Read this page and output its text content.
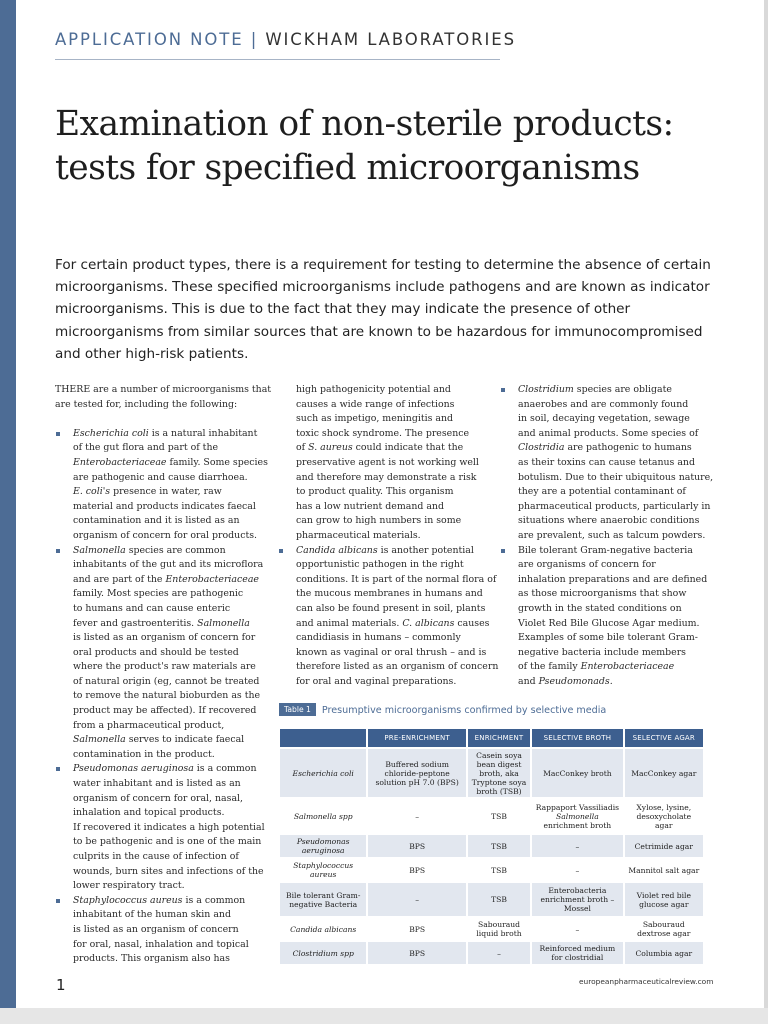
APPLICATION NOTE | WICKHAM LABORATORIES
Examination of non-sterile products: tests for specified microorganisms

For certain product types, there is a requirement for testing to determine the absence of certain microorganisms. These specified microorganisms include pathogens and are known as indicator microorganisms. This is due to the fact that they may indicate the presence of other microorganisms from similar sources that are known to be hazardous for immunocompromised and other high-risk patients.

THERE are a number of microorganisms that

are tested for, including the following:

Escherichia coli is a natural inhabitant
of the gut flora and part of the
Enterobacteriaceae family. Some species
are pathogenic and cause diarrhoea.
E. coli's presence in water, raw
material and products indicates faecal
contamination and it is listed as an
organism of concern for oral products.
Salmonella species are common
inhabitants of the gut and its microflora
and are part of the Enterobacteriaceae
family. Most species are pathogenic
to humans and can cause enteric
fever and gastroenteritis. Salmonella
is listed as an organism of concern for
oral products and should be tested
where the product's raw materials are
of natural origin (eg, cannot be treated
to remove the natural bioburden as the
product may be affected). If recovered
from a pharmaceutical product,
Salmonella serves to indicate faecal
contamination in the product.
Pseudomonas aeruginosa is a common
water inhabitant and is listed as an
organism of concern for oral, nasal,
inhalation and topical products.
If recovered it indicates a high potential
to be pathogenic and is one of the main
culprits in the cause of infection of
wounds, burn sites and infections of the
lower respiratory tract.
Staphylococcus aureus is a common
inhabitant of the human skin and
is listed as an organism of concern
for oral, nasal, inhalation and topical
products. This organism also has
high pathogenicity potential and
causes a wide range of infections
such as impetigo, meningitis and
toxic shock syndrome. The presence
of S. aureus could indicate that the
preservative agent is not working well
and therefore may demonstrate a risk
to product quality. This organism
has a low nutrient demand and
can grow to high numbers in some
pharmaceutical materials.
Candida albicans is another potential
opportunistic pathogen in the right
conditions. It is part of the normal flora of
the mucous membranes in humans and
can also be found present in soil, plants
and animal materials. C. albicans causes
candidiasis in humans – commonly
known as vaginal or oral thrush – and is
therefore listed as an organism of concern
for oral and vaginal preparations.
Clostridium species are obligate
anaerobes and are commonly found
in soil, decaying vegetation, sewage
and animal products. Some species of
Clostridia are pathogenic to humans
as their toxins can cause tetanus and
botulism. Due to their ubiquitous nature,
they are a potential contaminant of
pharmaceutical products, particularly in
situations where anaerobic conditions
are prevalent, such as talcum powders.
Bile tolerant Gram-negative bacteria
are organisms of concern for
inhalation preparations and are defined
as those microorganisms that show
growth in the stated conditions on
Violet Red Bile Glucose Agar medium.
Examples of some bile tolerant Gram-
negative bacteria include members
of the family Enterobacteriaceae
and Pseudomonads.
Table 1 Presumptive microorganisms confirmed by selective media
	PRE-ENRICHMENT	ENRICHMENT	SELECTIVE BROTH	SELECTIVE AGAR
Escherichia coli	Buffered sodium chloride-peptone solution pH 7.0 (BPS)	Casein soya bean digest broth, aka Tryptone soya broth (TSB)	MacConkey broth	MacConkey agar
Salmonella spp	–	TSB	Rappaport Vassiliadis Salmonella enrichment broth	Xylose, lysine, desoxycholate agar
Pseudomonas aeruginosa	BPS	TSB	–	Cetrimide agar
Staphylococcus aureus	BPS	TSB	–	Mannitol salt agar
Bile tolerant Gram-negative Bacteria	–	TSB	Enterobacteria enrichment broth – Mossel	Violet red bile glucose agar
Candida albicans	BPS	Sabouraud liquid broth	–	Sabouraud dextrose agar
Clostridium spp	BPS	–	Reinforced medium for clostridial	Columbia agar
1	europeanpharmaceuticalreview.com
